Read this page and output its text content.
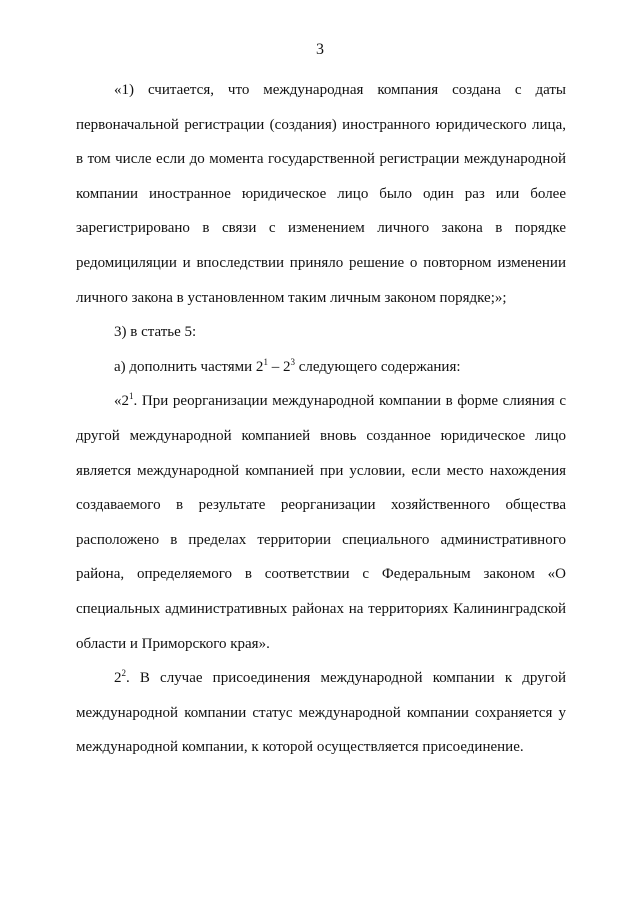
3

«1) считается, что международная компания создана с даты первоначальной регистрации (создания) иностранного юридического лица, в том числе если до момента государственной регистрации международной компании иностранное юридическое лицо было один раз или более зарегистрировано в связи с изменением личного закона в порядке редомициляции и впоследствии приняло решение о повторном изменении личного закона в установленном таким личным законом порядке;»;

3) в статье 5:

а) дополнить частями $2^1 - 2^3$ следующего содержания:

«$2^1$. При реорганизации международной компании в форме слияния с другой международной компанией вновь созданное юридическое лицо является международной компанией при условии, если место нахождения создаваемого в результате реорганизации хозяйственного общества расположено в пределах территории специального административного района, определяемого в соответствии с Федеральным законом «О специальных административных районах на территориях Калининградской области и Приморского края».

$2^2$. В случае присоединения международной компании к другой международной компании статус международной компании сохраняется у международной компании, к которой осуществляется присоединение.
